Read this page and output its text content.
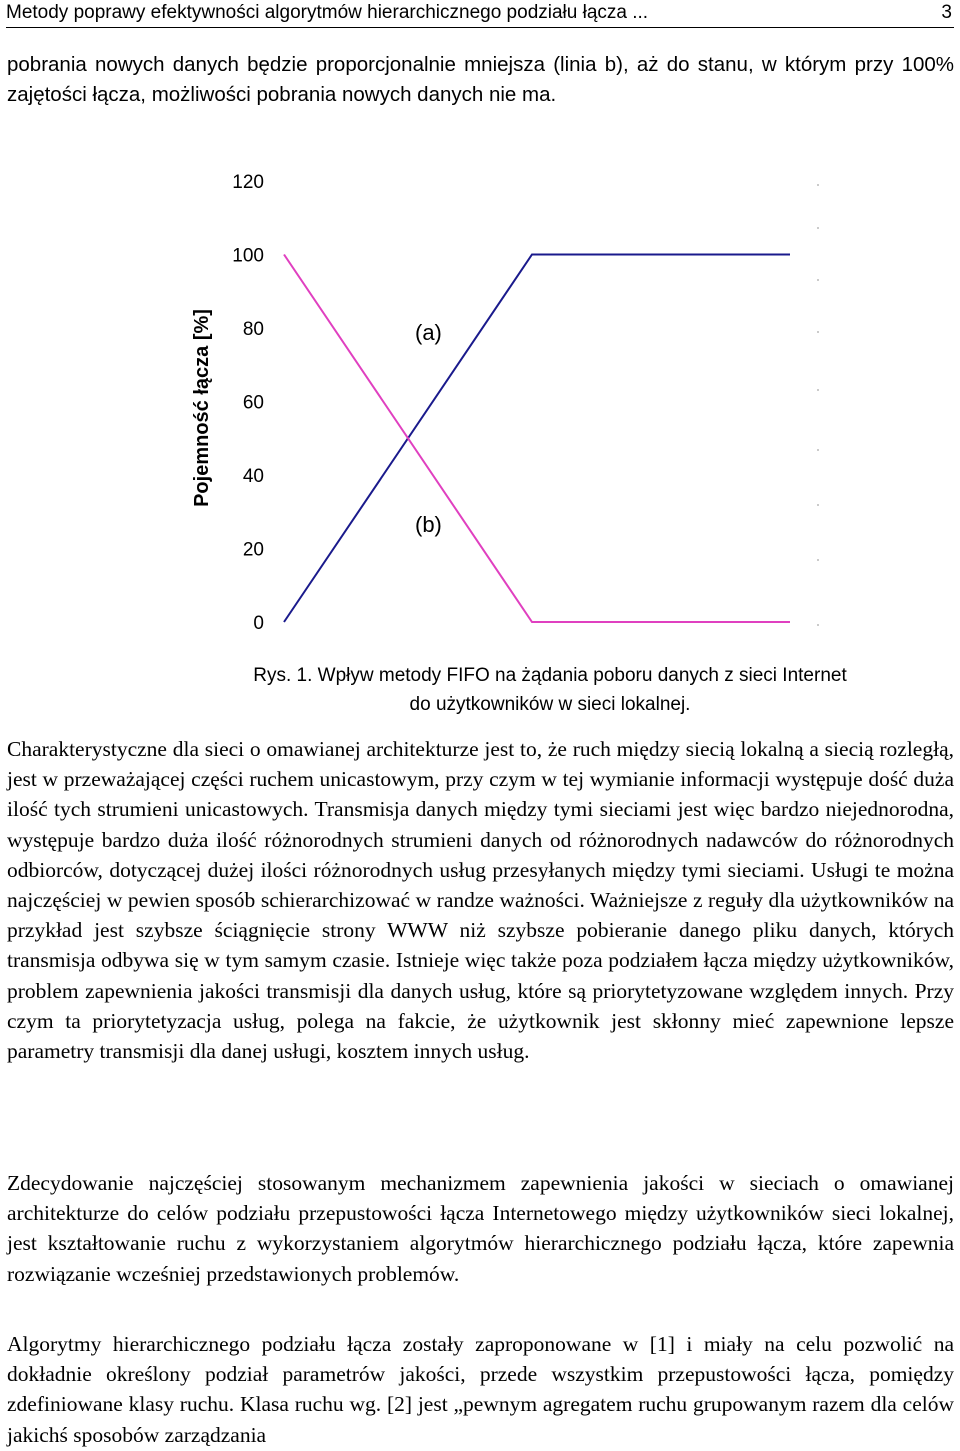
Metody poprawy efektywności algorytmów hierarchicznego podziału łącza ...	3

pobrania nowych danych będzie proporcjonalnie mniejsza (linia b), aż do stanu, w którym przy 100% zajętości łącza, możliwości pobrania nowych danych nie ma.

0
20
40
60
80
100
120
Pojemność łącza [%]	(a)
(b)
Rys. 1. Wpływ metody FIFO na żądania poboru danych z sieci Internet
do użytkowników w sieci lokalnej.

Charakterystyczne dla sieci o omawianej architekturze jest to, że ruch między siecią lokalną a siecią rozległą, jest w przeważającej części ruchem unicastowym, przy czym w tej wymianie informacji występuje dość duża ilość tych strumieni unicastowych. Transmisja danych między tymi sieciami jest więc bardzo niejednorodna, występuje bardzo duża ilość różnorodnych strumieni danych od różnorodnych nadawców do różnorodnych odbiorców, dotyczącej dużej ilości różnorodnych usług przesyłanych między tymi sieciami. Usługi te można najczęściej w pewien sposób schierarchizować w randze ważności. Ważniejsze z reguły dla użytkowników na przykład jest szybsze ściągnięcie strony WWW niż szybsze pobieranie danego pliku danych, których transmisja odbywa się w tym samym czasie. Istnieje więc także poza podziałem łącza między użytkowników, problem zapewnienia jakości transmisji dla danych usług, które są priorytetyzowane względem innych. Przy czym ta priorytetyzacja usług, polega na fakcie, że użytkownik jest skłonny mieć zapewnione lepsze parametry transmisji dla danej usługi, kosztem innych usług.

Zdecydowanie najczęściej stosowanym mechanizmem zapewnienia jakości w sieciach o omawianej architekturze do celów podziału przepustowości łącza Internetowego między użytkowników sieci lokalnej, jest kształtowanie ruchu z wykorzystaniem algorytmów hierarchicznego podziału łącza, które zapewnia rozwiązanie wcześniej przedstawionych problemów.

Algorytmy hierarchicznego podziału łącza zostały zaproponowane w [1] i miały na celu pozwolić na dokładnie określony podział parametrów jakości, przede wszystkim przepustowości łącza, pomiędzy zdefiniowane klasy ruchu. Klasa ruchu wg. [2] jest „pewnym agregatem ruchu grupowanym razem dla celów jakichś sposobów zarządzania
